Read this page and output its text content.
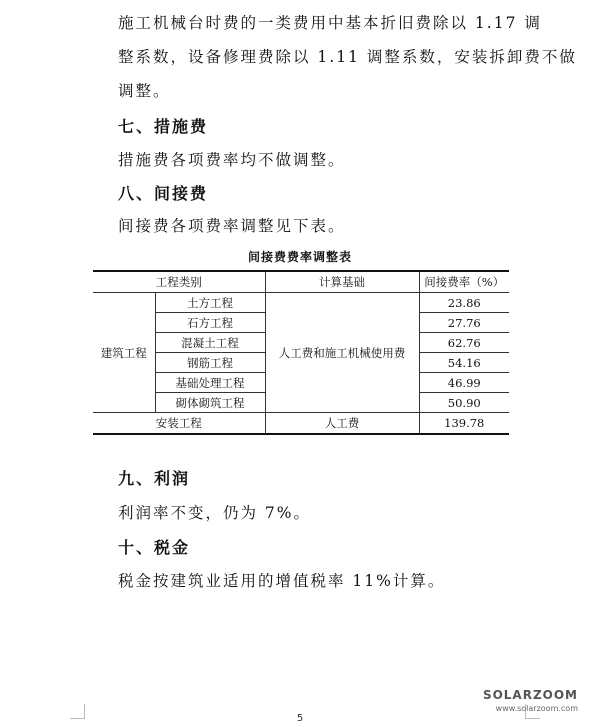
施工机械台时费的一类费用中基本折旧费除以 1.17 调
整系数，设备修理费除以 1.11 调整系数，安装拆卸费不做
调整。
七、措施费
措施费各项费率均不做调整。
八、间接费
间接费各项费率调整见下表。
间接费费率调整表
工程类别		计算基础	间接费率（%）
建筑工程	土方工程	人工费和施工机械使用费	23.86
	石方工程		27.76
	混凝土工程		62.76
	钢筋工程		54.16
	基础处理工程		46.99
	砌体砌筑工程		50.90
安装工程		人工费	139.78
九、利润
利润率不变，仍为 7%。
十、税金
税金按建筑业适用的增值税率 11%计算。
5
SOLARZOOM
www.solarzoom.com
